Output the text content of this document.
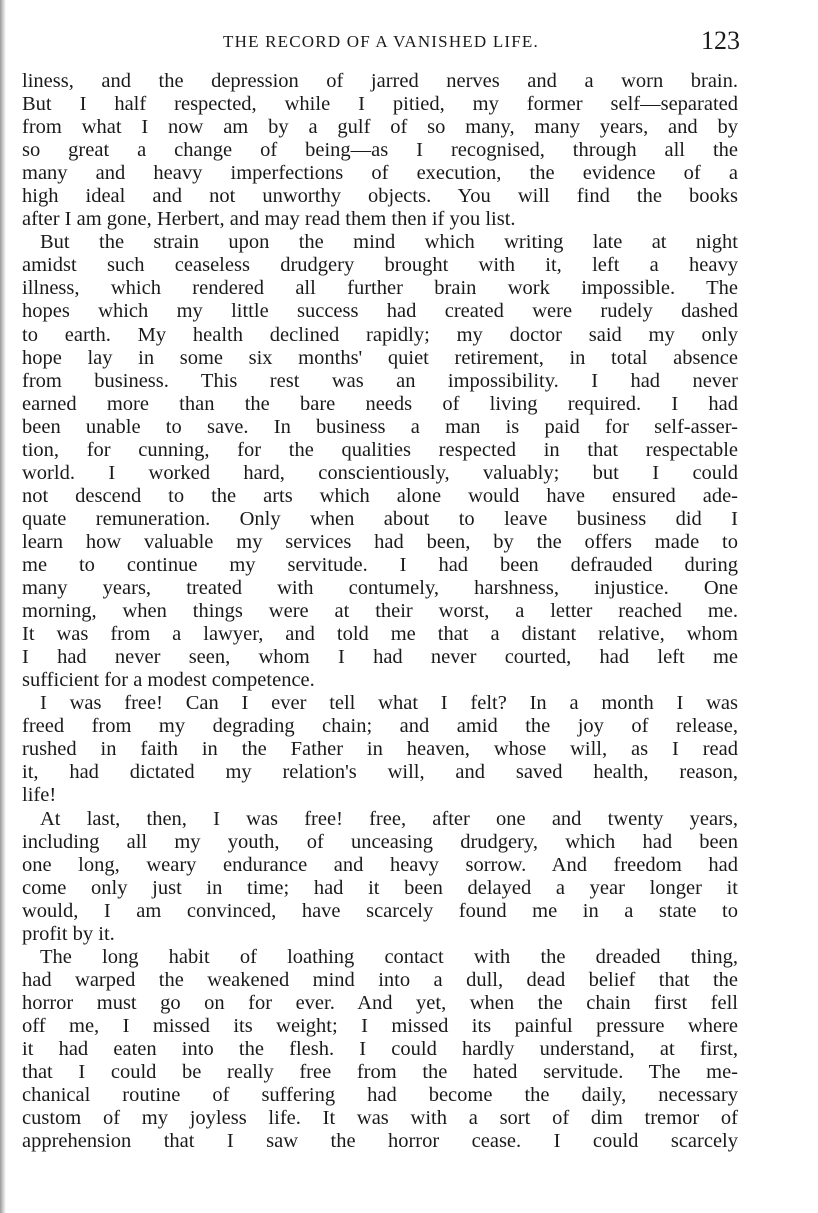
THE RECORD OF A VANISHED LIFE.	123
liness, and the depression of jarred nerves and a worn brain.
But I half respected, while I pitied, my former self—separated
from what I now am by a gulf of so many, many years, and by
so great a change of being—as I recognised, through all the
many and heavy imperfections of execution, the evidence of a
high ideal and not unworthy objects. You will find the books
after I am gone, Herbert, and may read them then if you list.
But the strain upon the mind which writing late at night
amidst such ceaseless drudgery brought with it, left a heavy
illness, which rendered all further brain work impossible. The
hopes which my little success had created were rudely dashed
to earth. My health declined rapidly; my doctor said my only
hope lay in some six months' quiet retirement, in total absence
from business. This rest was an impossibility. I had never
earned more than the bare needs of living required. I had
been unable to save. In business a man is paid for self-asser-
tion, for cunning, for the qualities respected in that respectable
world. I worked hard, conscientiously, valuably; but I could
not descend to the arts which alone would have ensured ade-
quate remuneration. Only when about to leave business did I
learn how valuable my services had been, by the offers made to
me to continue my servitude. I had been defrauded during
many years, treated with contumely, harshness, injustice. One
morning, when things were at their worst, a letter reached me.
It was from a lawyer, and told me that a distant relative, whom
I had never seen, whom I had never courted, had left me
sufficient for a modest competence.
I was free! Can I ever tell what I felt? In a month I was
freed from my degrading chain; and amid the joy of release,
rushed in faith in the Father in heaven, whose will, as I read
it, had dictated my relation's will, and saved health, reason,
life!
At last, then, I was free! free, after one and twenty years,
including all my youth, of unceasing drudgery, which had been
one long, weary endurance and heavy sorrow. And freedom had
come only just in time; had it been delayed a year longer it
would, I am convinced, have scarcely found me in a state to
profit by it.
The long habit of loathing contact with the dreaded thing,
had warped the weakened mind into a dull, dead belief that the
horror must go on for ever. And yet, when the chain first fell
off me, I missed its weight; I missed its painful pressure where
it had eaten into the flesh. I could hardly understand, at first,
that I could be really free from the hated servitude. The me-
chanical routine of suffering had become the daily, necessary
custom of my joyless life. It was with a sort of dim tremor of
apprehension that I saw the horror cease. I could scarcely
